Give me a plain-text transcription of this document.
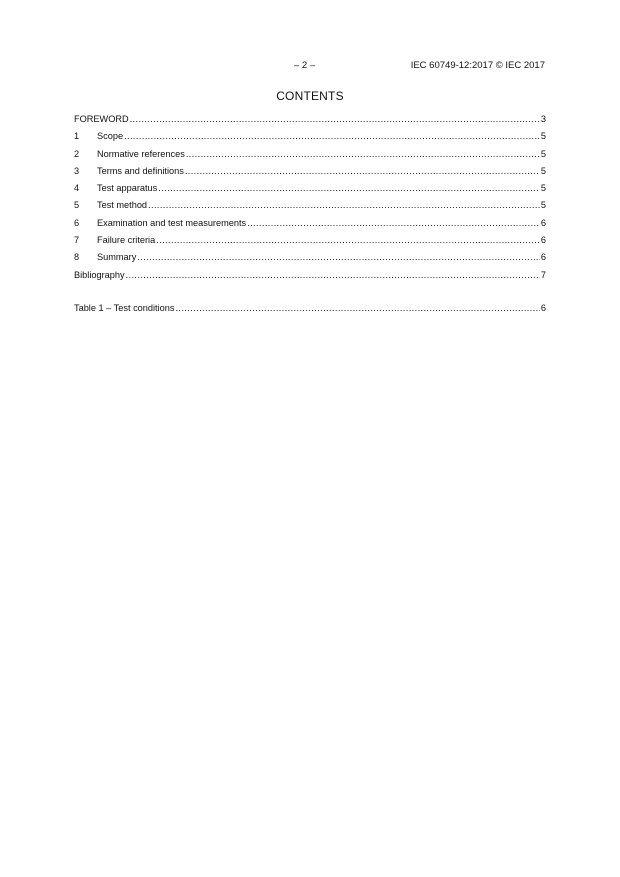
– 2 –	IEC 60749-12:2017 © IEC 2017
CONTENTS
FOREWORD .....	3
1	Scope .....	5
2	Normative references .....	5
3	Terms and definitions .....	5
4	Test apparatus .....	5
5	Test method .....	5
6	Examination and test measurements .....	6
7	Failure criteria .....	6
8	Summary .....	6
Bibliography .....	7
Table 1 – Test conditions .....	6
